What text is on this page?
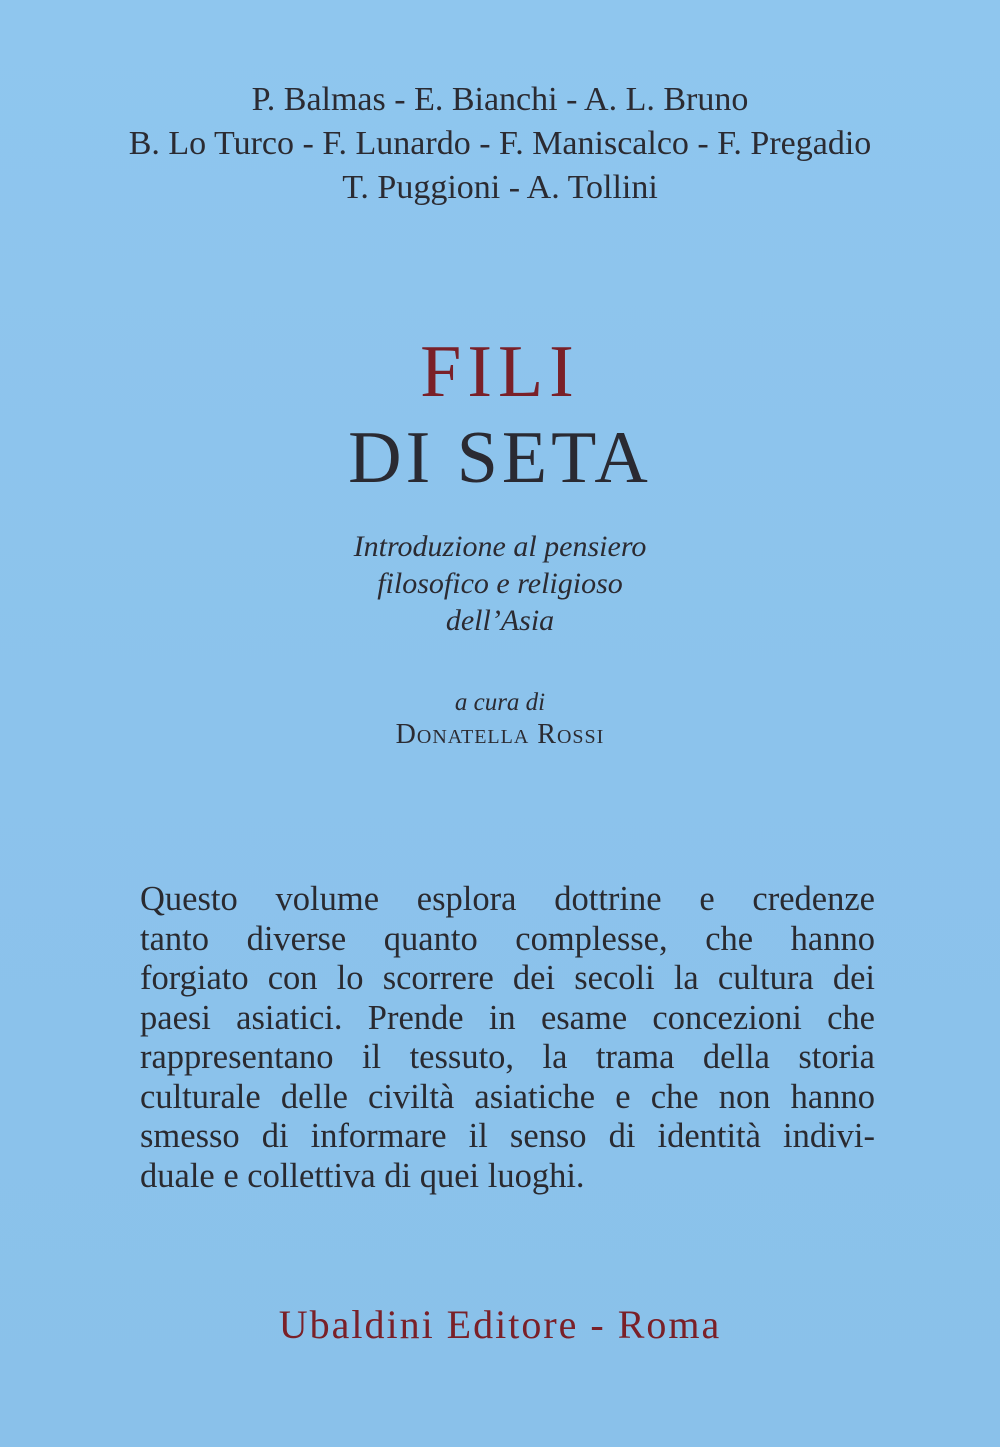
P. Balmas - E. Bianchi - A. L. Bruno
B. Lo Turco - F. Lunardo - F. Maniscalco - F. Pregadio
T. Puggioni - A. Tollini
FILI
DI SETA
Introduzione al pensiero
filosofico e religioso
dell’Asia
a cura di
Donatella Rossi
Questo volume esplora dottrine e credenze
tanto diverse quanto complesse, che hanno
forgiato con lo scorrere dei secoli la cultura dei
paesi asiatici. Prende in esame concezioni che
rappresentano il tessuto, la trama della storia
culturale delle civiltà asiatiche e che non hanno
smesso di informare il senso di identità indivi-
duale e collettiva di quei luoghi.
Ubaldini Editore - Roma
